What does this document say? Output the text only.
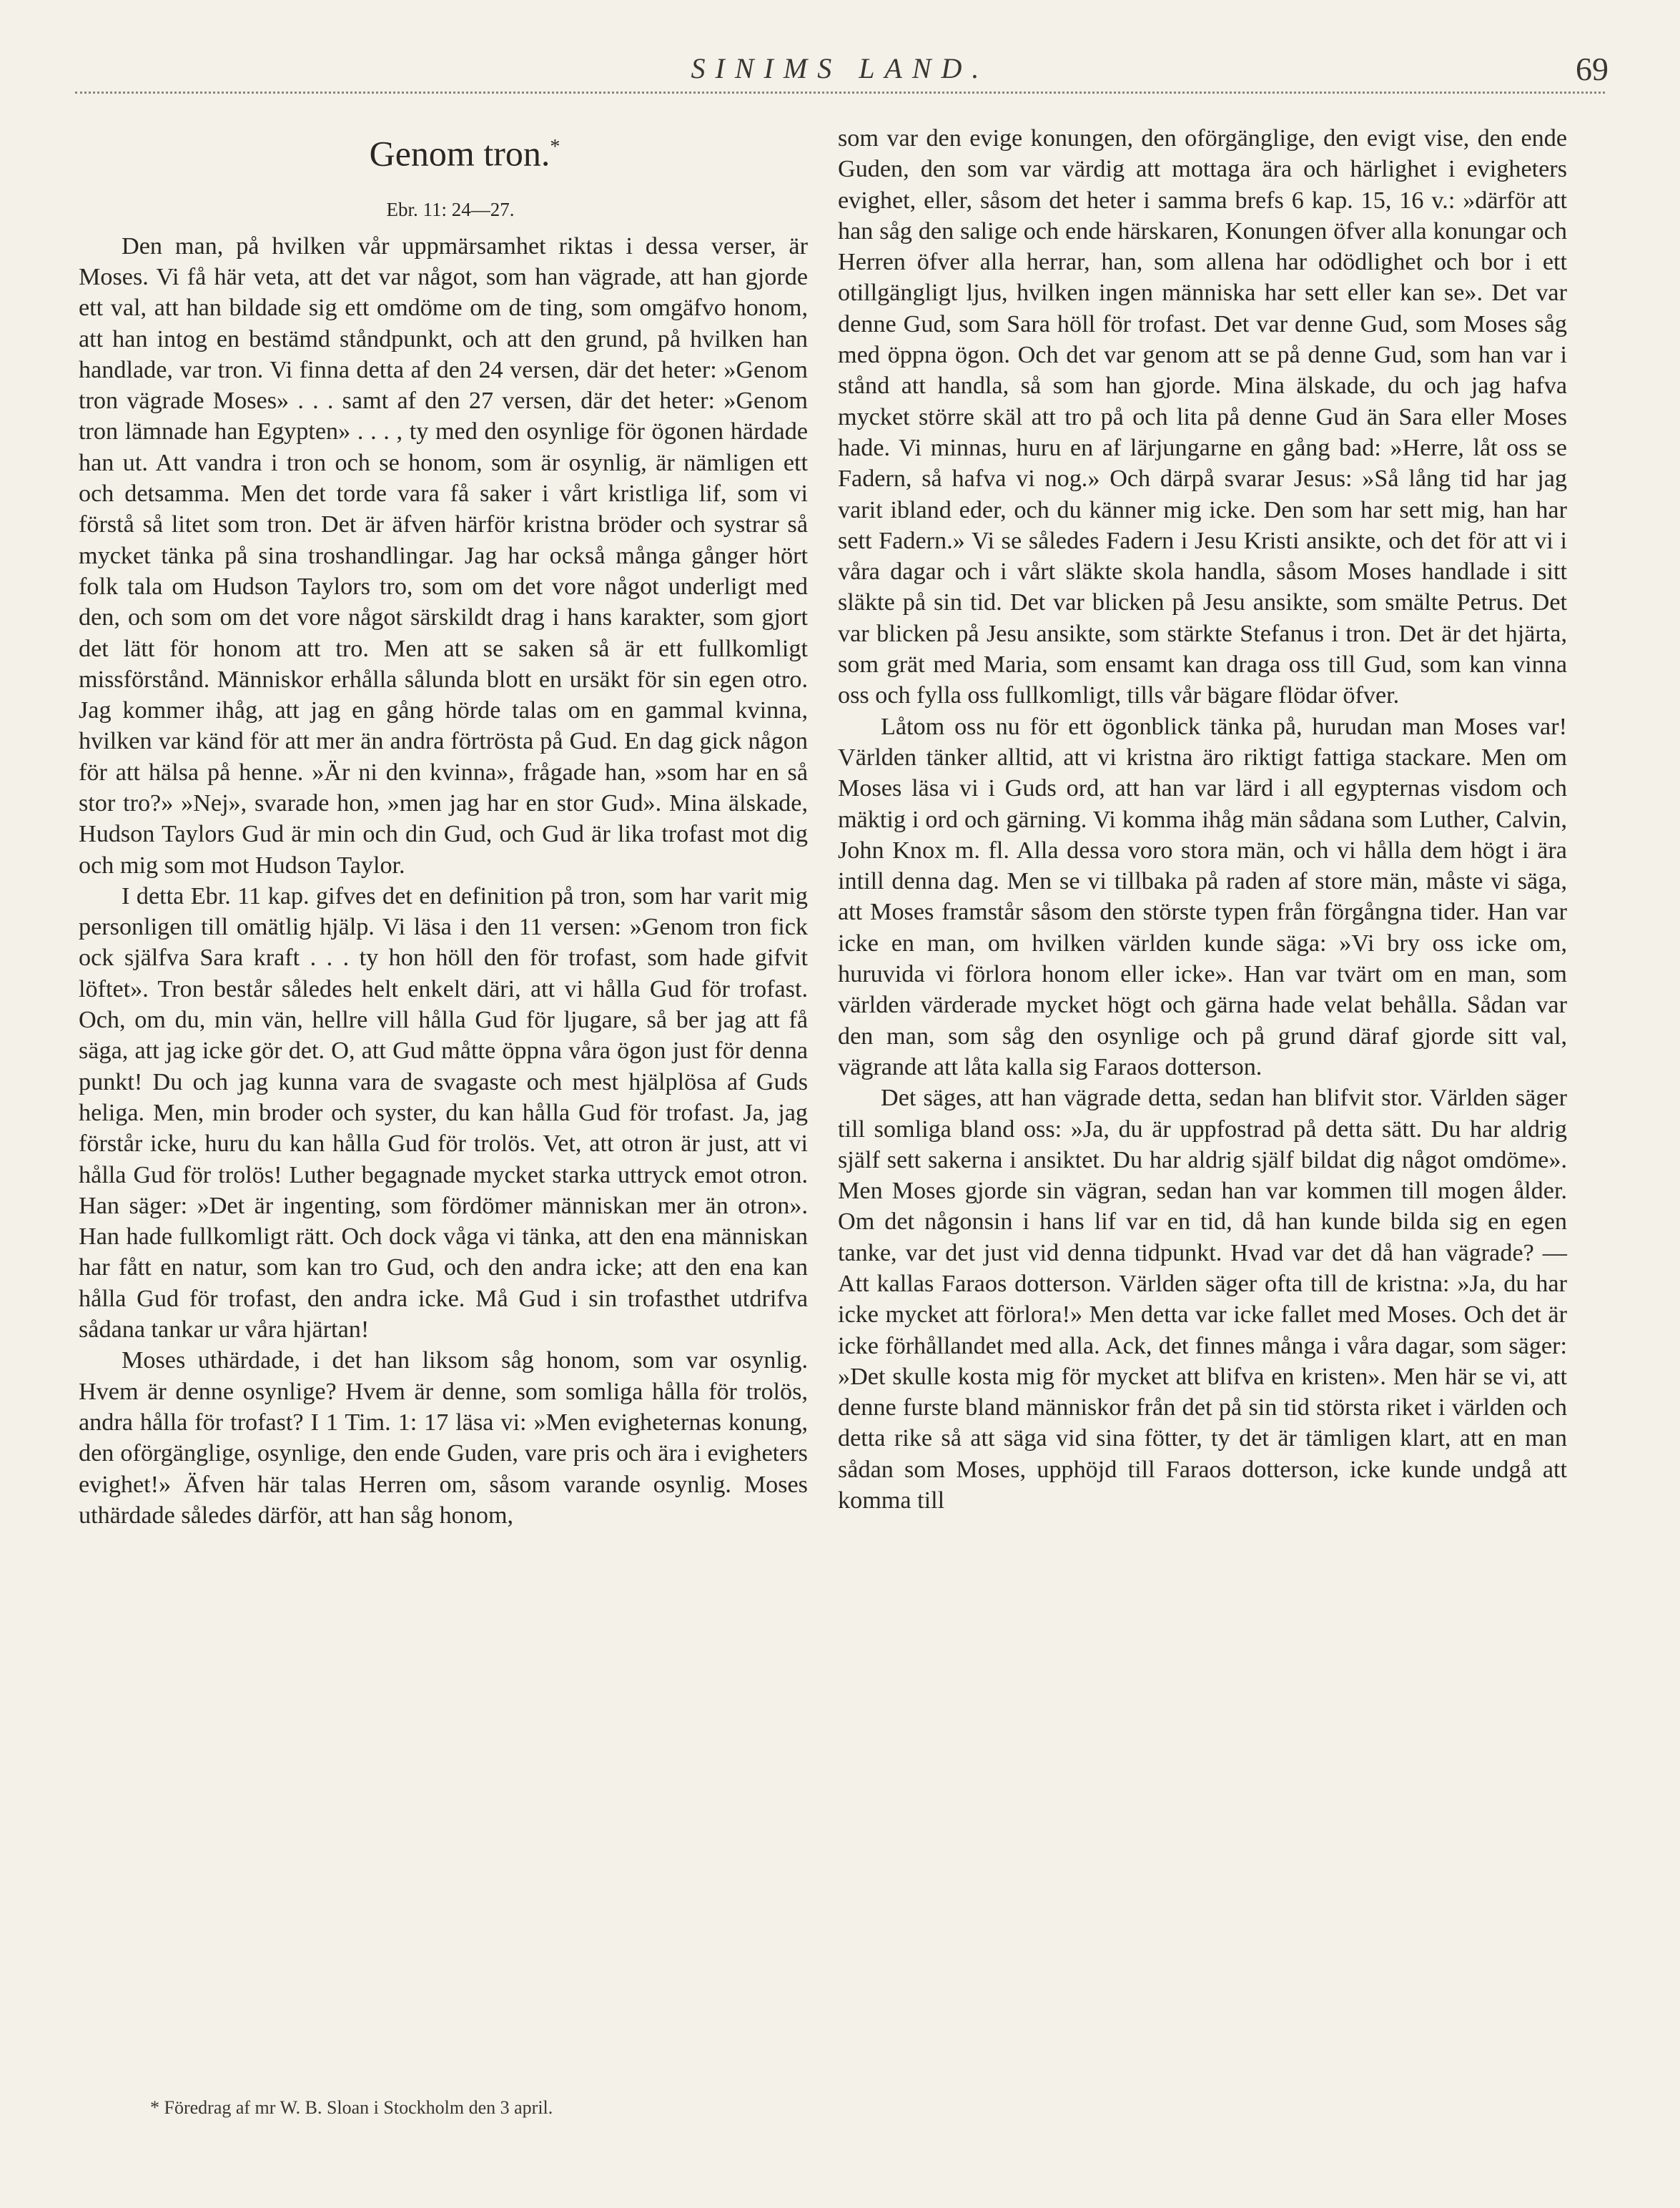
SINIMS LAND.	69
Genom tron.*
Ebr. 11: 24—27.

Den man, på hvilken vår uppmärsamhet riktas i dessa verser, är Moses. Vi få här veta, att det var något, som han vägrade, att han gjorde ett val, att han bildade sig ett omdöme om de ting, som omgäfvo honom, att han intog en bestämd ståndpunkt, och att den grund, på hvilken han handlade, var tron. Vi finna detta af den 24 versen, där det heter: »Genom tron vägrade Moses» . . . samt af den 27 versen, där det heter: »Genom tron lämnade han Egypten» . . . , ty med den osynlige för ögonen härdade han ut. Att vandra i tron och se honom, som är osynlig, är nämligen ett och detsamma. Men det torde vara få saker i vårt kristliga lif, som vi förstå så litet som tron. Det är äfven härför kristna bröder och systrar så mycket tänka på sina troshandlingar. Jag har också många gånger hört folk tala om Hudson Taylors tro, som om det vore något underligt med den, och som om det vore något särskildt drag i hans karakter, som gjort det lätt för honom att tro. Men att se saken så är ett fullkomligt missförstånd. Människor erhålla sålunda blott en ursäkt för sin egen otro. Jag kommer ihåg, att jag en gång hörde talas om en gammal kvinna, hvilken var känd för att mer än andra förtrösta på Gud. En dag gick någon för att hälsa på henne. »Är ni den kvinna», frågade han, »som har en så stor tro?» »Nej», svarade hon, »men jag har en stor Gud». Mina älskade, Hudson Taylors Gud är min och din Gud, och Gud är lika trofast mot dig och mig som mot Hudson Taylor.

I detta Ebr. 11 kap. gifves det en definition på tron, som har varit mig personligen till omätlig hjälp. Vi läsa i den 11 versen: »Genom tron fick ock själfva Sara kraft . . . ty hon höll den för trofast, som hade gifvit löftet». Tron består således helt enkelt däri, att vi hålla Gud för trofast. Och, om du, min vän, hellre vill hålla Gud för ljugare, så ber jag att få säga, att jag icke gör det. O, att Gud måtte öppna våra ögon just för denna punkt! Du och jag kunna vara de svagaste och mest hjälplösa af Guds heliga. Men, min broder och syster, du kan hålla Gud för trofast. Ja, jag förstår icke, huru du kan hålla Gud för trolös. Vet, att otron är just, att vi hålla Gud för trolös! Luther begagnade mycket starka uttryck emot otron. Han säger: »Det är ingenting, som fördömer människan mer än otron». Han hade fullkomligt rätt. Och dock våga vi tänka, att den ena människan har fått en natur, som kan tro Gud, och den andra icke; att den ena kan hålla Gud för trofast, den andra icke. Må Gud i sin trofasthet utdrifva sådana tankar ur våra hjärtan!

Moses uthärdade, i det han liksom såg honom, som var osynlig. Hvem är denne osynlige? Hvem är denne, som somliga hålla för trolös, andra hålla för trofast? I 1 Tim. 1: 17 läsa vi: »Men evigheternas konung, den oförgänglige, osynlige, den ende Guden, vare pris och ära i evigheters evighet!» Äfven här talas Herren om, såsom varande osynlig. Moses uthärdade således därför, att han såg honom,

som var den evige konungen, den oförgänglige, den evigt vise, den ende Guden, den som var värdig att mottaga ära och härlighet i evigheters evighet, eller, såsom det heter i samma brefs 6 kap. 15, 16 v.: »därför att han såg den salige och ende härskaren, Konungen öfver alla konungar och Herren öfver alla herrar, han, som allena har odödlighet och bor i ett otillgängligt ljus, hvilken ingen människa har sett eller kan se». Det var denne Gud, som Sara höll för trofast. Det var denne Gud, som Moses såg med öppna ögon. Och det var genom att se på denne Gud, som han var i stånd att handla, så som han gjorde. Mina älskade, du och jag hafva mycket större skäl att tro på och lita på denne Gud än Sara eller Moses hade. Vi minnas, huru en af lärjungarne en gång bad: »Herre, låt oss se Fadern, så hafva vi nog.» Och därpå svarar Jesus: »Så lång tid har jag varit ibland eder, och du känner mig icke. Den som har sett mig, han har sett Fadern.» Vi se således Fadern i Jesu Kristi ansikte, och det för att vi i våra dagar och i vårt släkte skola handla, såsom Moses handlade i sitt släkte på sin tid. Det var blicken på Jesu ansikte, som smälte Petrus. Det var blicken på Jesu ansikte, som stärkte Stefanus i tron. Det är det hjärta, som grät med Maria, som ensamt kan draga oss till Gud, som kan vinna oss och fylla oss fullkomligt, tills vår bägare flödar öfver.

Låtom oss nu för ett ögonblick tänka på, hurudan man Moses var! Världen tänker alltid, att vi kristna äro riktigt fattiga stackare. Men om Moses läsa vi i Guds ord, att han var lärd i all egypternas visdom och mäktig i ord och gärning. Vi komma ihåg män sådana som Luther, Calvin, John Knox m. fl. Alla dessa voro stora män, och vi hålla dem högt i ära intill denna dag. Men se vi tillbaka på raden af store män, måste vi säga, att Moses framstår såsom den störste typen från förgångna tider. Han var icke en man, om hvilken världen kunde säga: »Vi bry oss icke om, huruvida vi förlora honom eller icke». Han var tvärt om en man, som världen värderade mycket högt och gärna hade velat behålla. Sådan var den man, som såg den osynlige och på grund däraf gjorde sitt val, vägrande att låta kalla sig Faraos dotterson.

Det säges, att han vägrade detta, sedan han blifvit stor. Världen säger till somliga bland oss: »Ja, du är uppfostrad på detta sätt. Du har aldrig själf sett sakerna i ansiktet. Du har aldrig själf bildat dig något omdöme». Men Moses gjorde sin vägran, sedan han var kommen till mogen ålder. Om det någonsin i hans lif var en tid, då han kunde bilda sig en egen tanke, var det just vid denna tidpunkt. Hvad var det då han vägrade? — Att kallas Faraos dotterson. Världen säger ofta till de kristna: »Ja, du har icke mycket att förlora!» Men detta var icke fallet med Moses. Och det är icke förhållandet med alla. Ack, det finnes många i våra dagar, som säger: »Det skulle kosta mig för mycket att blifva en kristen». Men här se vi, att denne furste bland människor från det på sin tid största riket i världen och detta rike så att säga vid sina fötter, ty det är tämligen klart, att en man sådan som Moses, upphöjd till Faraos dotterson, icke kunde undgå att komma till

* Föredrag af mr W. B. Sloan i Stockholm den 3 april.
